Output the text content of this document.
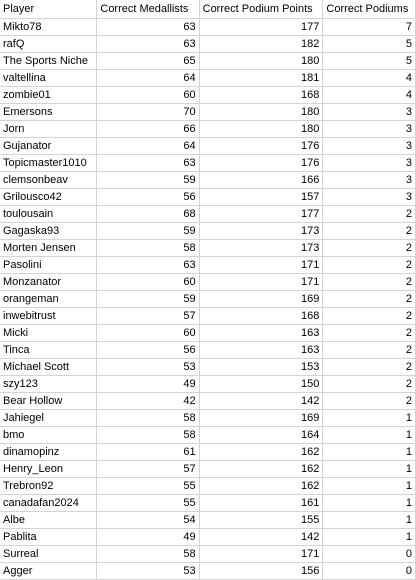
Player	Correct Medallists	Correct Podium Points	Correct Podiums
Mikto78	63	177	7
rafQ	63	182	5
The Sports Niche	65	180	5
valtellina	64	181	4
zombie01	60	168	4
Emersons	70	180	3
Jorn	66	180	3
Gujanator	64	176	3
Topicmaster1010	63	176	3
clemsonbeav	59	166	3
Grilousco42	56	157	3
toulousain	68	177	2
Gagaska93	59	173	2
Morten Jensen	58	173	2
Pasolini	63	171	2
Monzanator	60	171	2
orangeman	59	169	2
inwebitrust	57	168	2
Micki	60	163	2
Tinca	56	163	2
Michael Scott	53	153	2
szy123	49	150	2
Bear Hollow	42	142	2
Jahiegel	58	169	1
bmo	58	164	1
dinamopinz	61	162	1
Henry_Leon	57	162	1
Trebron92	55	162	1
canadafan2024	55	161	1
Albe	54	155	1
Pablita	49	142	1
Surreal	58	171	0
Agger	53	156	0
